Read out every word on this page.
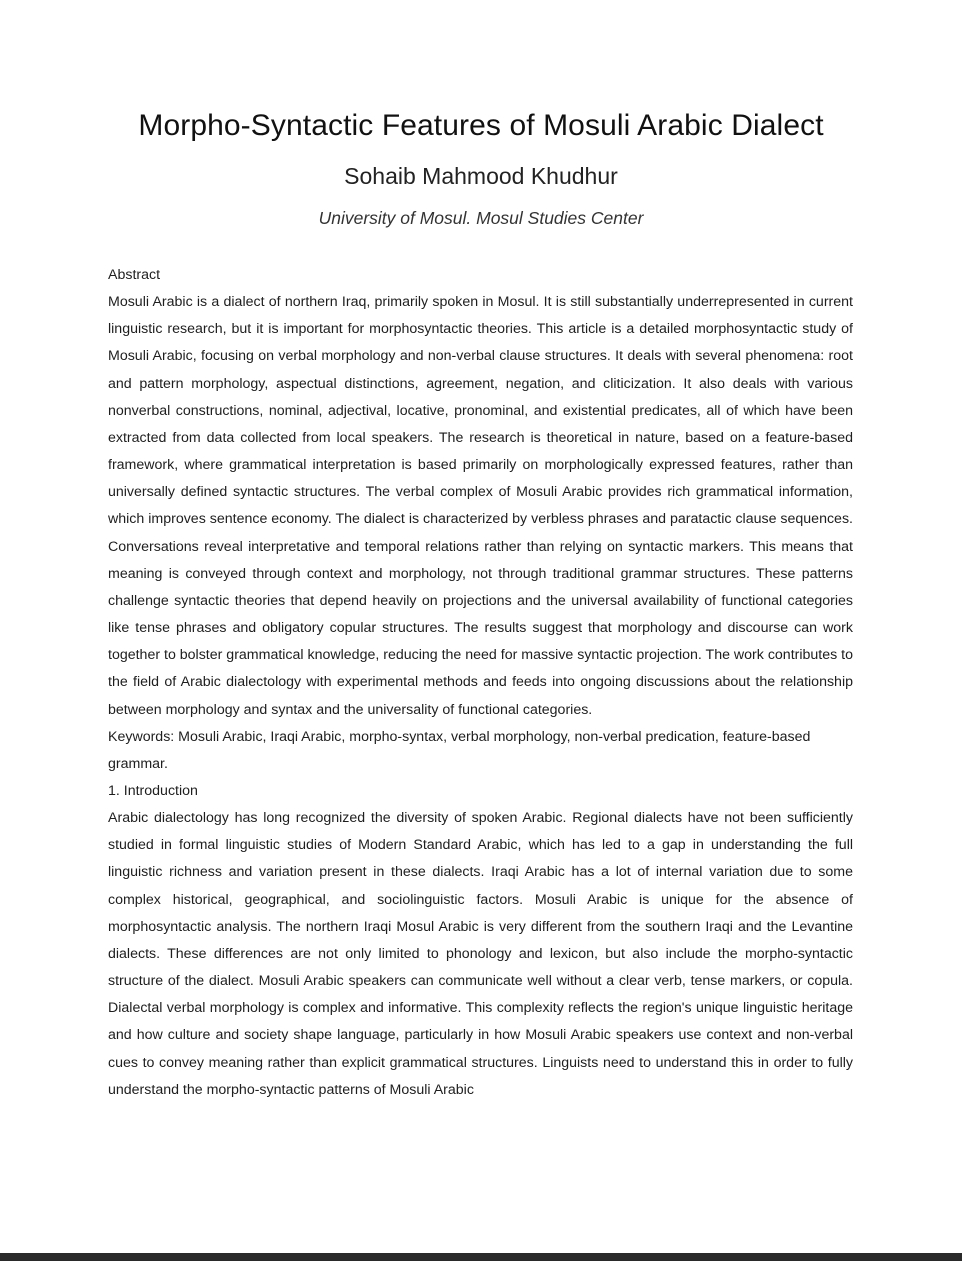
Morpho-Syntactic Features of Mosuli Arabic Dialect
Sohaib Mahmood Khudhur
University of Mosul. Mosul Studies Center

Abstract

Mosuli Arabic is a dialect of northern Iraq, primarily spoken in Mosul. It is still substantially underrepresented in current linguistic research, but it is important for morphosyntactic theories. This article is a detailed morphosyntactic study of Mosuli Arabic, focusing on verbal morphology and non-verbal clause structures. It deals with several phenomena: root and pattern morphology, aspectual distinctions, agreement, negation, and cliticization. It also deals with various nonverbal constructions, nominal, adjectival, locative, pronominal, and existential predicates, all of which have been extracted from data collected from local speakers. The research is theoretical in nature, based on a feature-based framework, where grammatical interpretation is based primarily on morphologically expressed features, rather than universally defined syntactic structures. The verbal complex of Mosuli Arabic provides rich grammatical information, which improves sentence economy. The dialect is characterized by verbless phrases and paratactic clause sequences. Conversations reveal interpretative and temporal relations rather than relying on syntactic markers. This means that meaning is conveyed through context and morphology, not through traditional grammar structures. These patterns challenge syntactic theories that depend heavily on projections and the universal availability of functional categories like tense phrases and obligatory copular structures. The results suggest that morphology and discourse can work together to bolster grammatical knowledge, reducing the need for massive syntactic projection. The work contributes to the field of Arabic dialectology with experimental methods and feeds into ongoing discussions about the relationship between morphology and syntax and the universality of functional categories.

Keywords: Mosuli Arabic, Iraqi Arabic, morpho-syntax, verbal morphology, non-verbal predication, feature-based grammar.

1. Introduction

Arabic dialectology has long recognized the diversity of spoken Arabic. Regional dialects have not been sufficiently studied in formal linguistic studies of Modern Standard Arabic, which has led to a gap in understanding the full linguistic richness and variation present in these dialects. Iraqi Arabic has a lot of internal variation due to some complex historical, geographical, and sociolinguistic factors. Mosuli Arabic is unique for the absence of morphosyntactic analysis. The northern Iraqi Mosul Arabic is very different from the southern Iraqi and the Levantine dialects. These differences are not only limited to phonology and lexicon, but also include the morpho-syntactic structure of the dialect. Mosuli Arabic speakers can communicate well without a clear verb, tense markers, or copula. Dialectal verbal morphology is complex and informative. This complexity reflects the region's unique linguistic heritage and how culture and society shape language, particularly in how Mosuli Arabic speakers use context and non-verbal cues to convey meaning rather than explicit grammatical structures. Linguists need to understand this in order to fully understand the morpho-syntactic patterns of Mosuli Arabic
